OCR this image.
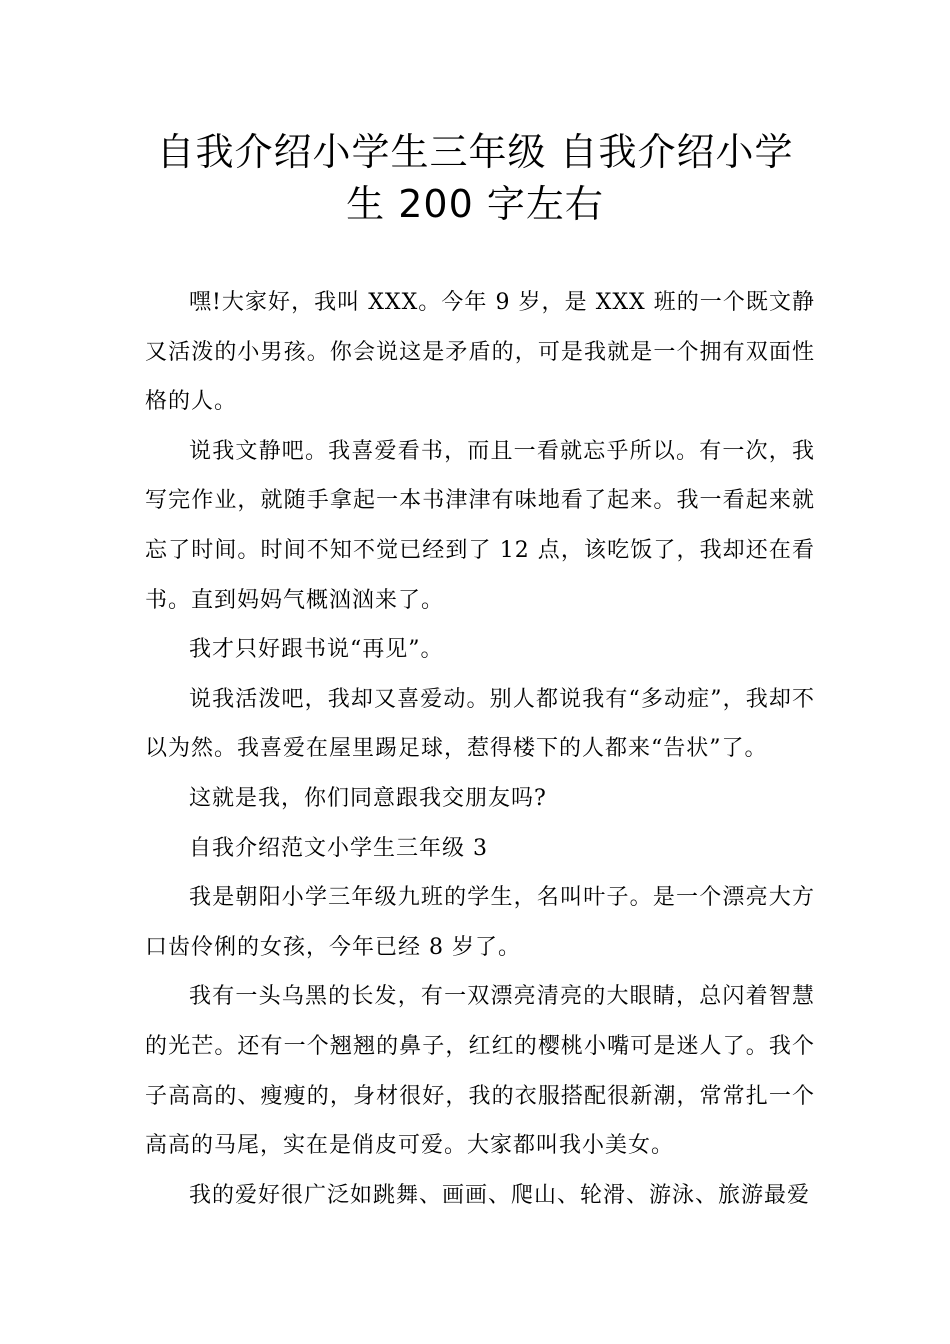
自我介绍小学生三年级 自我介绍小学
生 200 字左右

嘿!大家好，我叫 XXX。今年 9 岁，是 XXX 班的一个既文静又活泼的小男孩。你会说这是矛盾的，可是我就是一个拥有双面性格的人。

说我文静吧。我喜爱看书，而且一看就忘乎所以。有一次，我写完作业，就随手拿起一本书津津有味地看了起来。我一看起来就忘了时间。时间不知不觉已经到了 12 点，该吃饭了，我却还在看书。直到妈妈气概汹汹来了。

我才只好跟书说“再见”。

说我活泼吧，我却又喜爱动。别人都说我有“多动症”，我却不以为然。我喜爱在屋里踢足球，惹得楼下的人都来“告状”了。

这就是我，你们同意跟我交朋友吗?

自我介绍范文小学生三年级 3

我是朝阳小学三年级九班的学生，名叫叶子。是一个漂亮大方口齿伶俐的女孩，今年已经 8 岁了。

我有一头乌黑的长发，有一双漂亮清亮的大眼睛，总闪着智慧的光芒。还有一个翘翘的鼻子，红红的樱桃小嘴可是迷人了。我个子高高的、瘦瘦的，身材很好，我的衣服搭配很新潮，常常扎一个高高的马尾，实在是俏皮可爱。大家都叫我小美女。

我的爱好很广泛如跳舞、画画、爬山、轮滑、游泳、旅游最爱
